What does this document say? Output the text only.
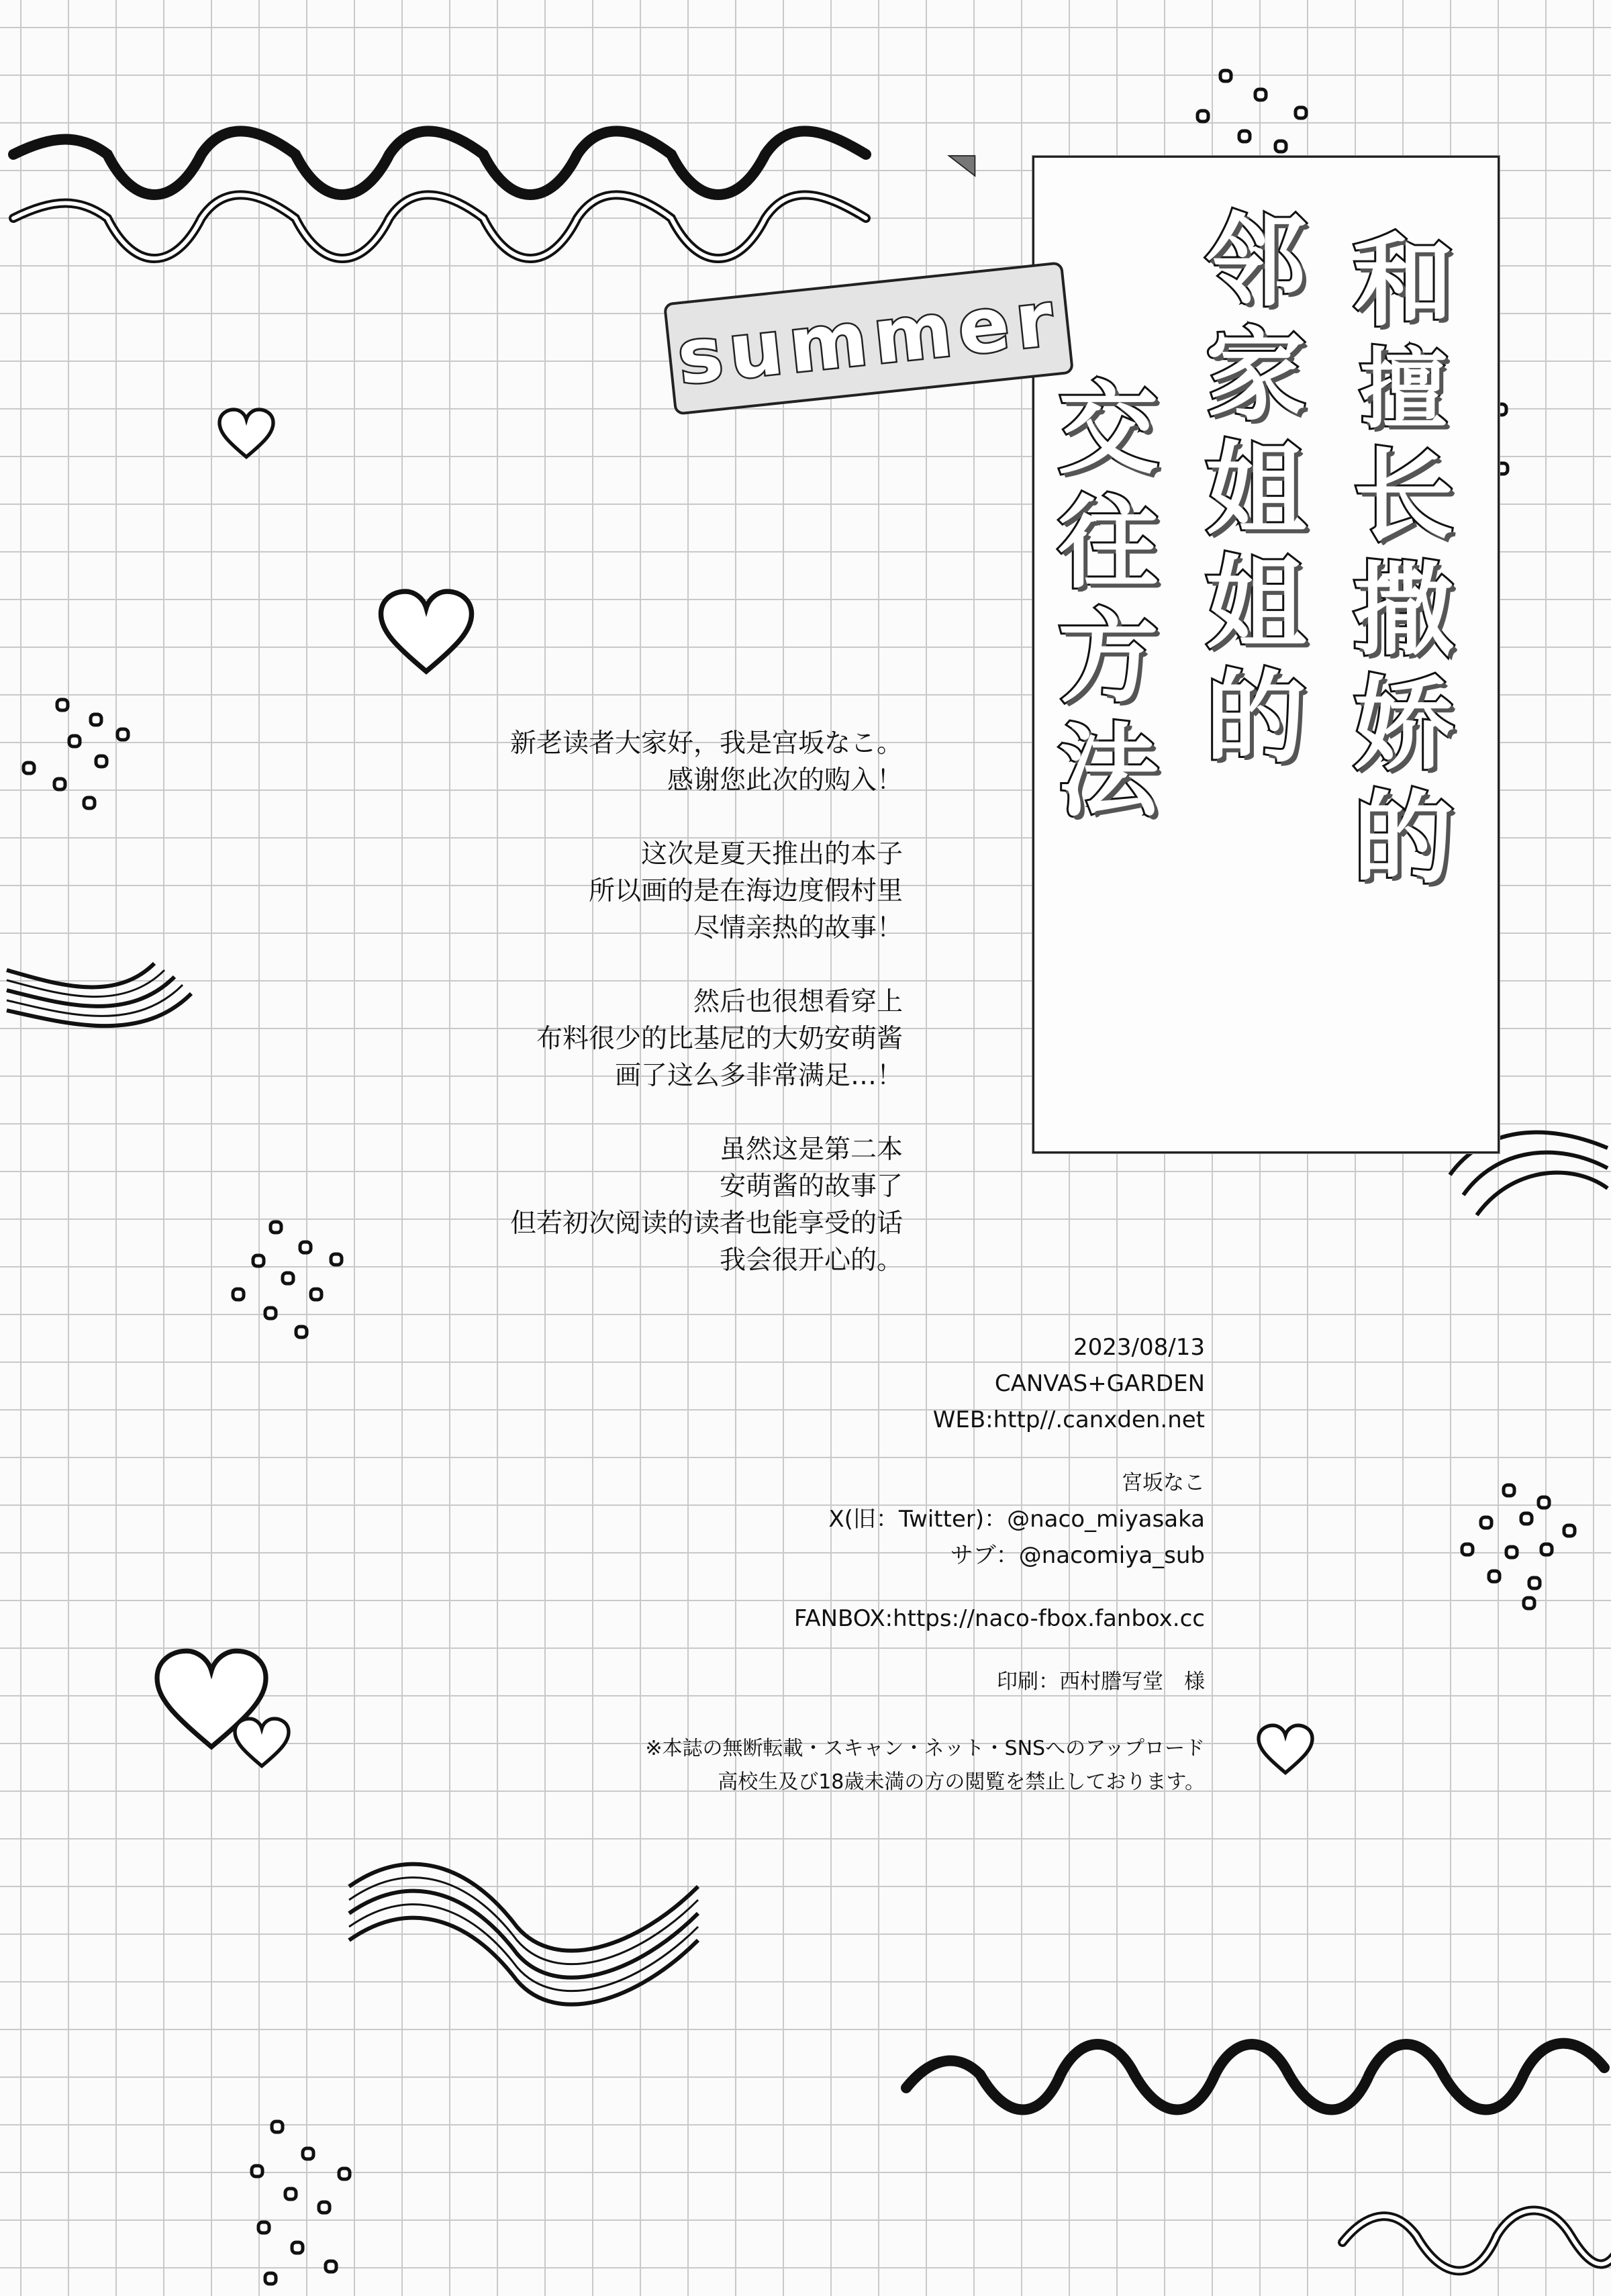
和
擅
长
撒
娇
的
邻
家
姐
姐
的
交
往
方
法
summer
新老读者大家好，我是宫坂なこ。
感谢您此次的购入！
这次是夏天推出的本子
所以画的是在海边度假村里
尽情亲热的故事！
然后也很想看穿上
布料很少的比基尼的大奶安萌酱
画了这么多非常满足…！
虽然这是第二本
安萌酱的故事了
但若初次阅读的读者也能享受的话
我会很开心的。
2023/08/13
CANVAS+GARDEN
WEB:http//.canxden.net
宮坂なこ
X(旧：Twitter)：@naco_miyasaka
サブ：@nacomiya_sub
FANBOX:https://naco-fbox.fanbox.cc
印刷：西村謄写堂　様
※本誌の無断転載・スキャン・ネット・SNSへのアップロード
高校生及び18歳未満の方の閲覧を禁止しております。
